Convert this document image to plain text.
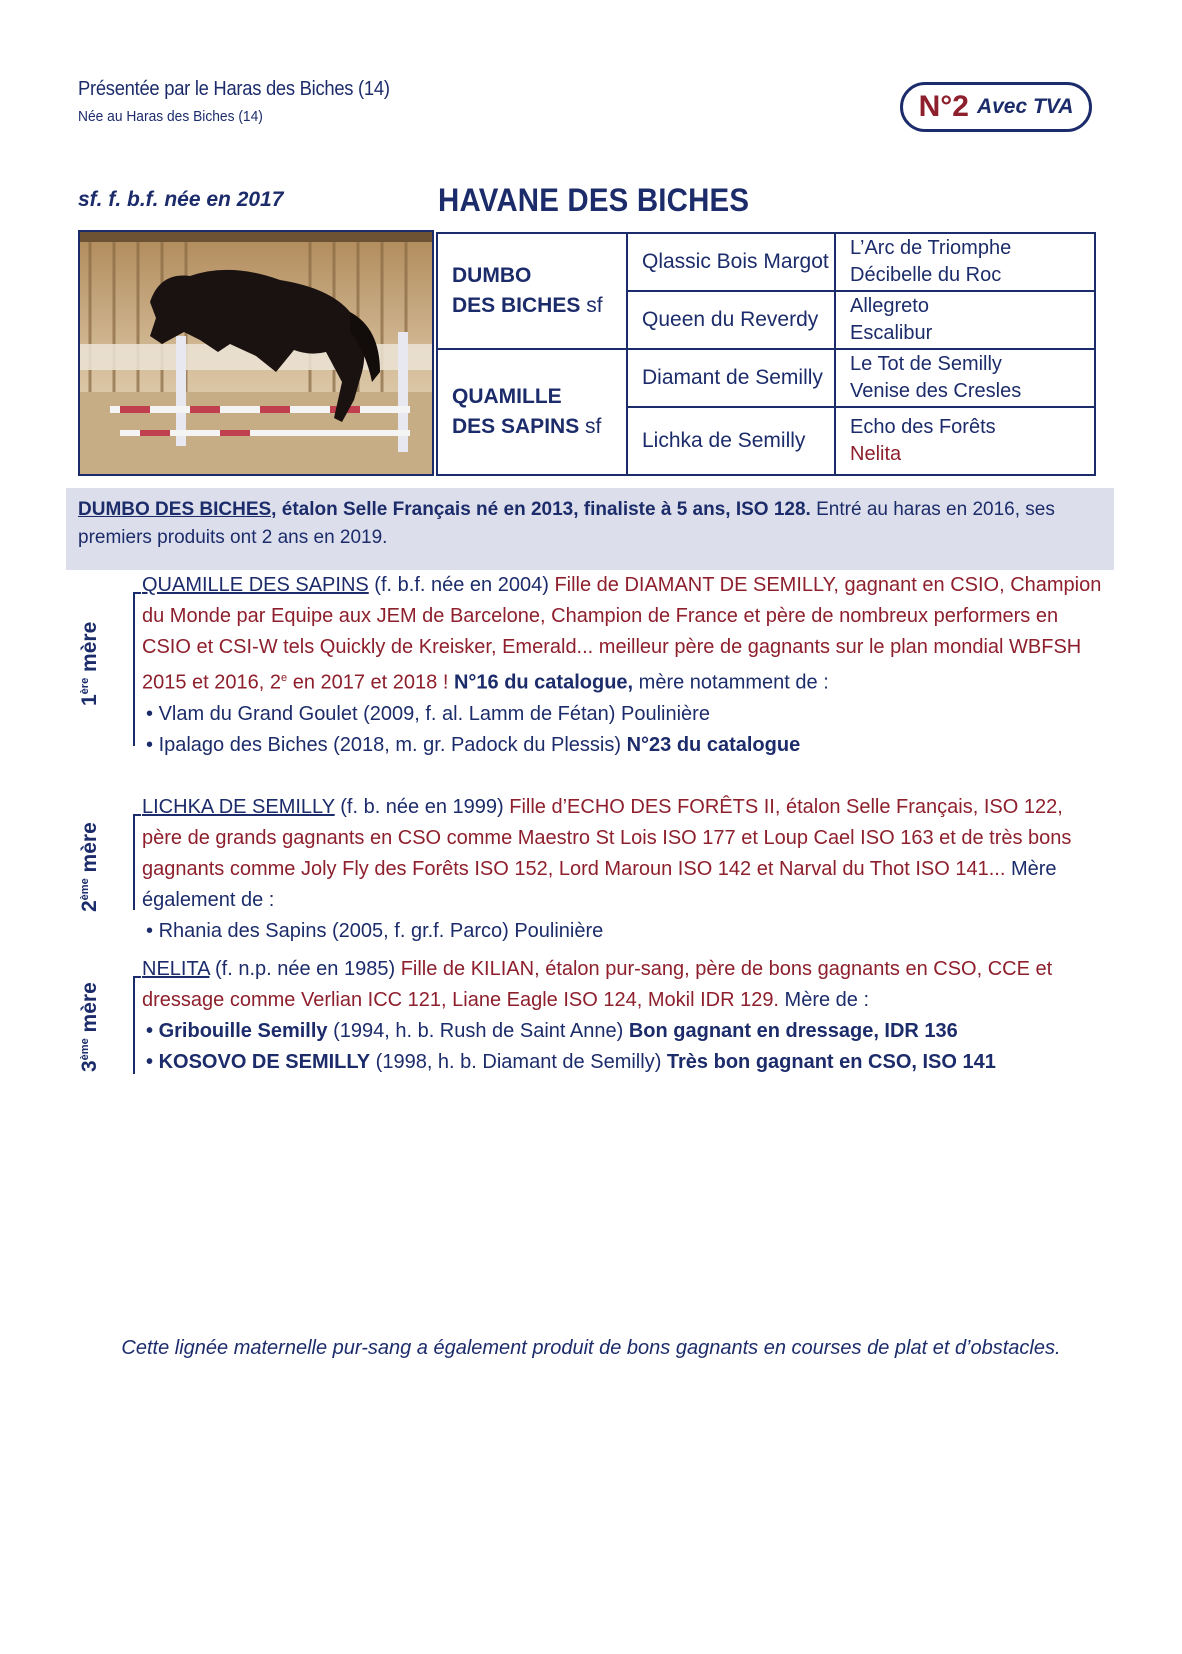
Présentée par le Haras des Biches (14)
Née au Haras des Biches (14)	N°2 Avec TVA
sf. f. b.f. née en 2017	HAVANE DES BICHES
DUMBO
DES BICHES sf
QUAMILLE
DES SAPINS sf
Qlassic Bois Margot
Queen du Reverdy
Diamant de Semilly
Lichka de Semilly
L’Arc de Triomphe
Décibelle du Roc
Allegreto
Escalibur
Le Tot de Semilly
Venise des Cresles
Echo des Forêts
Nelita
DUMBO DES BICHES, étalon Selle Français né en 2013, finaliste à 5 ans, ISO 128. Entré au haras en 2016, ses premiers produits ont 2 ans en 2019.
1ère mère
QUAMILLE DES SAPINS (f. b.f. née en 2004) Fille de DIAMANT DE SEMILLY, gagnant en CSIO, Champion du Monde par Equipe aux JEM de Barcelone, Champion de France et père de nombreux performers en CSIO et CSI-W tels Quickly de Kreisker, Emerald... meilleur père de gagnants sur le plan mondial WBFSH 2015 et 2016, 2e en 2017 et 2018 ! N°16 du catalogue, mère notamment de :
• Vlam du Grand Goulet (2009, f. al. Lamm de Fétan) Poulinière
• Ipalago des Biches (2018, m. gr. Padock du Plessis) N°23 du catalogue
2ème mère
LICHKA DE SEMILLY (f. b. née en 1999) Fille d’ECHO DES FORÊTS II, étalon Selle Français, ISO 122, père de grands gagnants en CSO comme Maestro St Lois ISO 177 et Loup Cael ISO 163 et de très bons gagnants comme Joly Fly des Forêts ISO 152, Lord Maroun ISO 142 et Narval du Thot ISO 141... Mère également de :
• Rhania des Sapins (2005, f. gr.f. Parco) Poulinière
3ème mère
NELITA (f. n.p. née en 1985) Fille de KILIAN, étalon pur-sang, père de bons gagnants en CSO, CCE et dressage comme Verlian ICC 121, Liane Eagle ISO 124, Mokil IDR 129. Mère de :
• Gribouille Semilly (1994, h. b. Rush de Saint Anne) Bon gagnant en dressage, IDR 136
• KOSOVO DE SEMILLY (1998, h. b. Diamant de Semilly) Très bon gagnant en CSO, ISO 141
Cette lignée maternelle pur-sang a également produit de bons gagnants en courses de plat et d’obstacles.
